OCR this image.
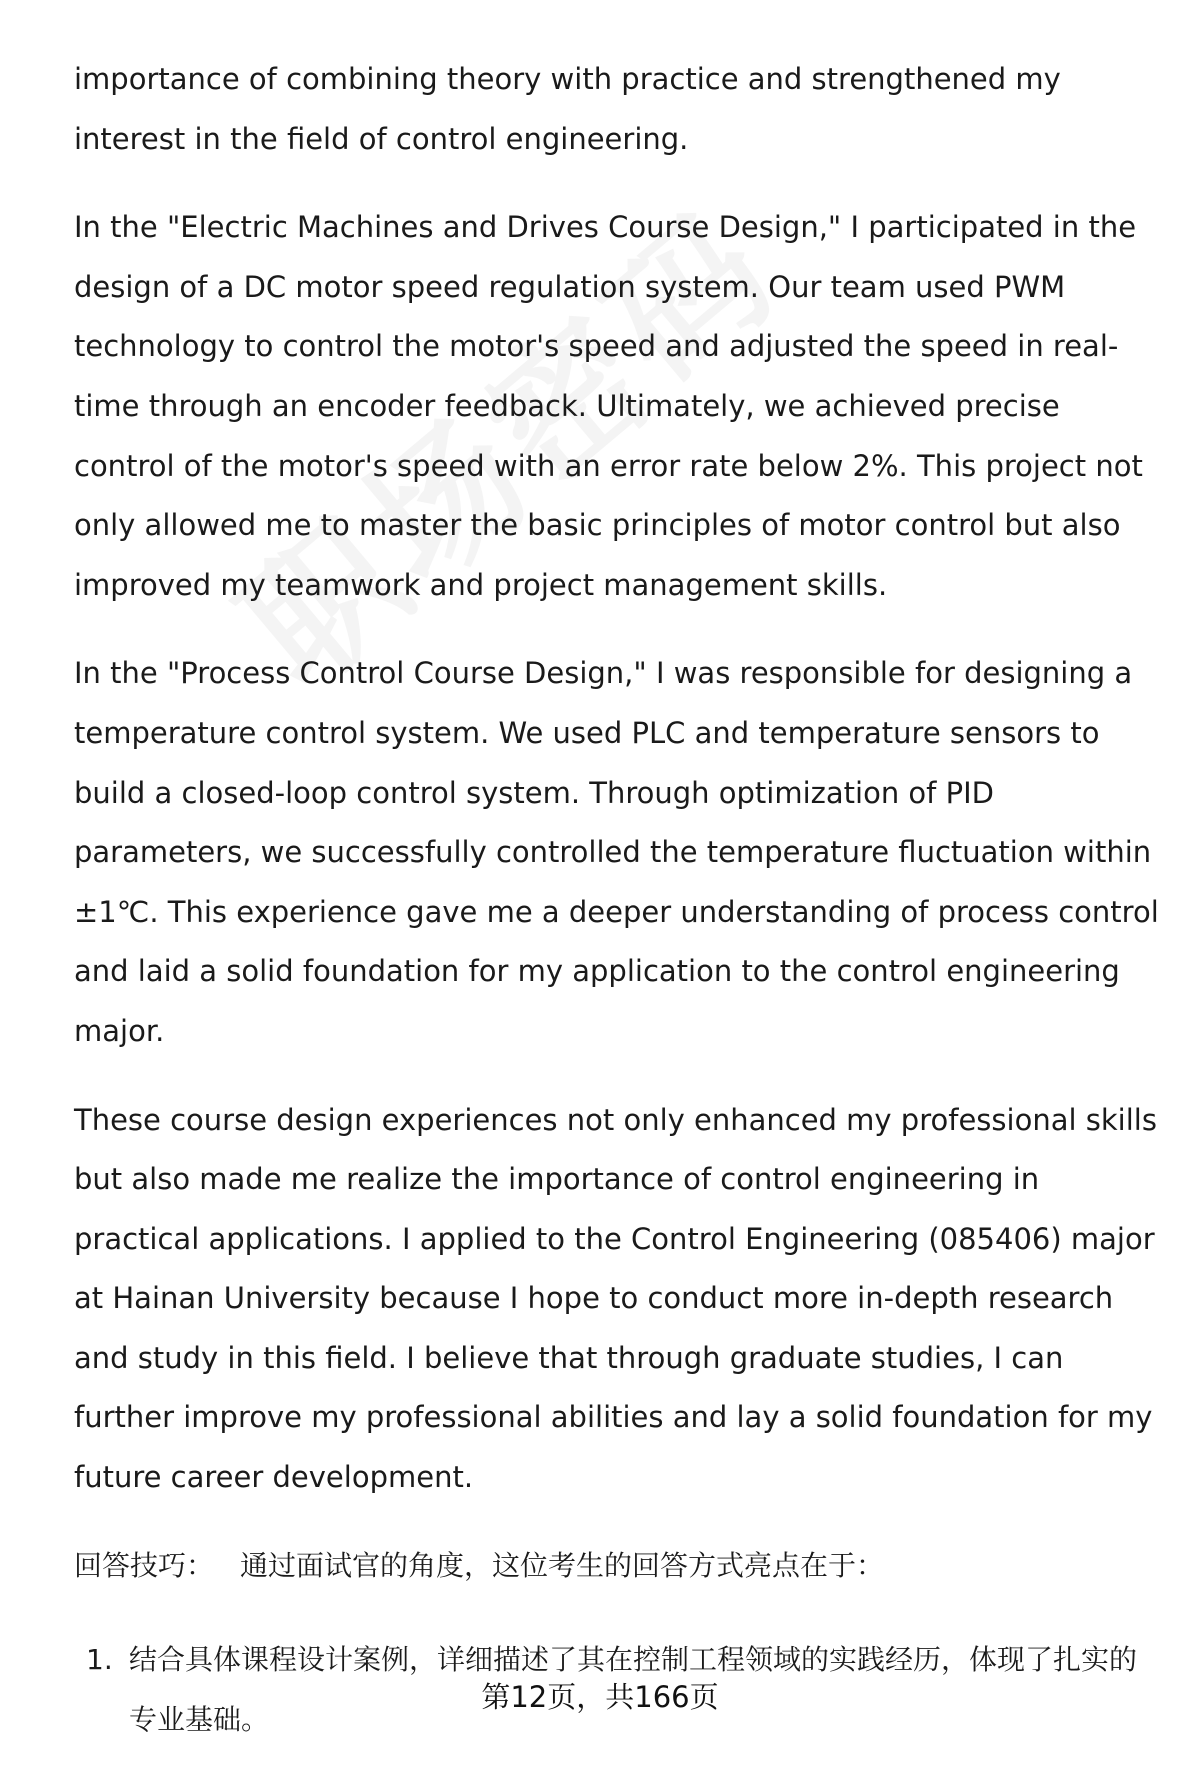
importance of combining theory with practice and strengthened my interest in the field of control engineering.

In the "Electric Machines and Drives Course Design," I participated in the design of a DC motor speed regulation system. Our team used PWM technology to control the motor's speed and adjusted the speed in real-time through an encoder feedback. Ultimately, we achieved precise control of the motor's speed with an error rate below 2%. This project not only allowed me to master the basic principles of motor control but also improved my teamwork and project management skills.

In the "Process Control Course Design," I was responsible for designing a temperature control system. We used PLC and temperature sensors to build a closed-loop control system. Through optimization of PID parameters, we successfully controlled the temperature fluctuation within ±1℃. This experience gave me a deeper understanding of process control and laid a solid foundation for my application to the control engineering major.

These course design experiences not only enhanced my professional skills but also made me realize the importance of control engineering in practical applications. I applied to the Control Engineering (085406) major at Hainan University because I hope to conduct more in-depth research and study in this field. I believe that through graduate studies, I can further improve my professional abilities and lay a solid foundation for my future career development.

回答技巧： 通过面试官的角度，这位考生的回答方式亮点在于：
1. 结合具体课程设计案例，详细描述了其在控制工程领域的实践经历，体现了扎实的专业基础。
第12页，共166页
